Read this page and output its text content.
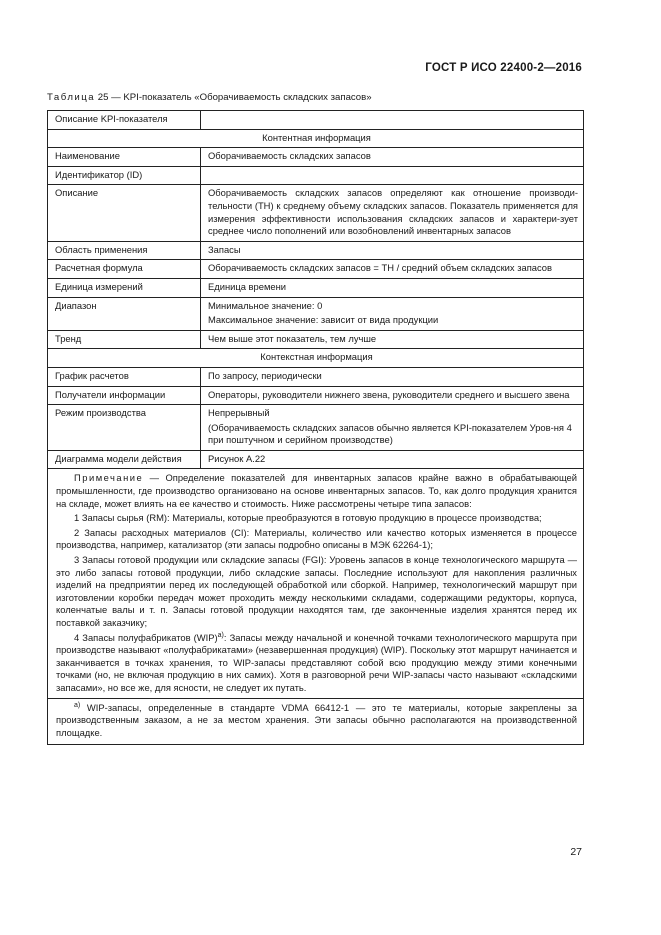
ГОСТ Р ИСО 22400-2—2016
Таблица 25 — KPI-показатель «Оборачиваемость складских запасов»
Описание KPI-показателя	
Контентная информация	
Наименование	Оборачиваемость складских запасов
Идентификатор (ID)	
Описание	Оборачиваемость складских запасов определяют как отношение производи-тельности (ТН) к среднему объему складских запасов. Показатель применяется для измерения эффективности использования складских запасов и характери-зует среднее число пополнений или возобновлений инвентарных запасов
Область применения	Запасы
Расчетная формула	Оборачиваемость складских запасов = ТН / средний объем складских запасов
Единица измерений	Единица времени
Диапазон	Минимальное значение: 0
Максимальное значение: зависит от вида продукции

Тренд	Чем выше этот показатель, тем лучше
Контекстная информация	
График расчетов	По запросу, периодически
Получатели информации	Операторы, руководители нижнего звена, руководители среднего и высшего звена
Режим производства	Непрерывный
(Оборачиваемость складских запасов обычно является KPI-показателем Уров-ня 4 при поштучном и серийном производстве)

Диаграмма модели действия	Рисунок А.22

Примечание — Определение показателей для инвентарных запасов крайне важно в обрабатывающей промышленности, где производство организовано на основе инвентарных запасов. То, как долго продукция хранится на складе, может влиять на ее качество и стоимость. Ниже рассмотрены четыре типа запасов:

1 Запасы сырья (RM): Материалы, которые преобразуются в готовую продукцию в процессе производства;

2 Запасы расходных материалов (CI): Материалы, количество или качество которых изменяется в процессе производства, например, катализатор (эти запасы подробно описаны в МЭК 62264-1);

3 Запасы готовой продукции или складские запасы (FGI): Уровень запасов в конце технологического маршрута — это либо запасы готовой продукции, либо складские запасы. Последние используют для накопления различных изделий на предприятии перед их последующей обработкой или сборкой. Например, технологический маршрут при изготовлении коробки передач может проходить между несколькими складами, содержащими редукторы, корпуса, коленчатые валы и т. п. Запасы готовой продукции находятся там, где законченные изделия хранятся перед их поставкой заказчику;

4 Запасы полуфабрикатов (WIP)$^{а)}$: Запасы между начальной и конечной точками технологического маршрута при производстве называют «полуфабрикатами» (незавершенная продукция) (WIP). Поскольку этот маршрут начинается и заканчивается в точках хранения, то WIP-запасы представляют собой всю продукцию между этими конечными точками (но, не включая продукцию в них самих). Хотя в разговорной речи WIP-запасы часто называют «складскими запасами», но все же, для ясности, не следует их путать.	

$^{а)}$ WIP-запасы, определенные в стандарте VDMA 66412-1 — это те материалы, которые закреплены за производственным заказом, а не за местом хранения. Эти запасы обычно располагаются на производственной площадке.	

27
